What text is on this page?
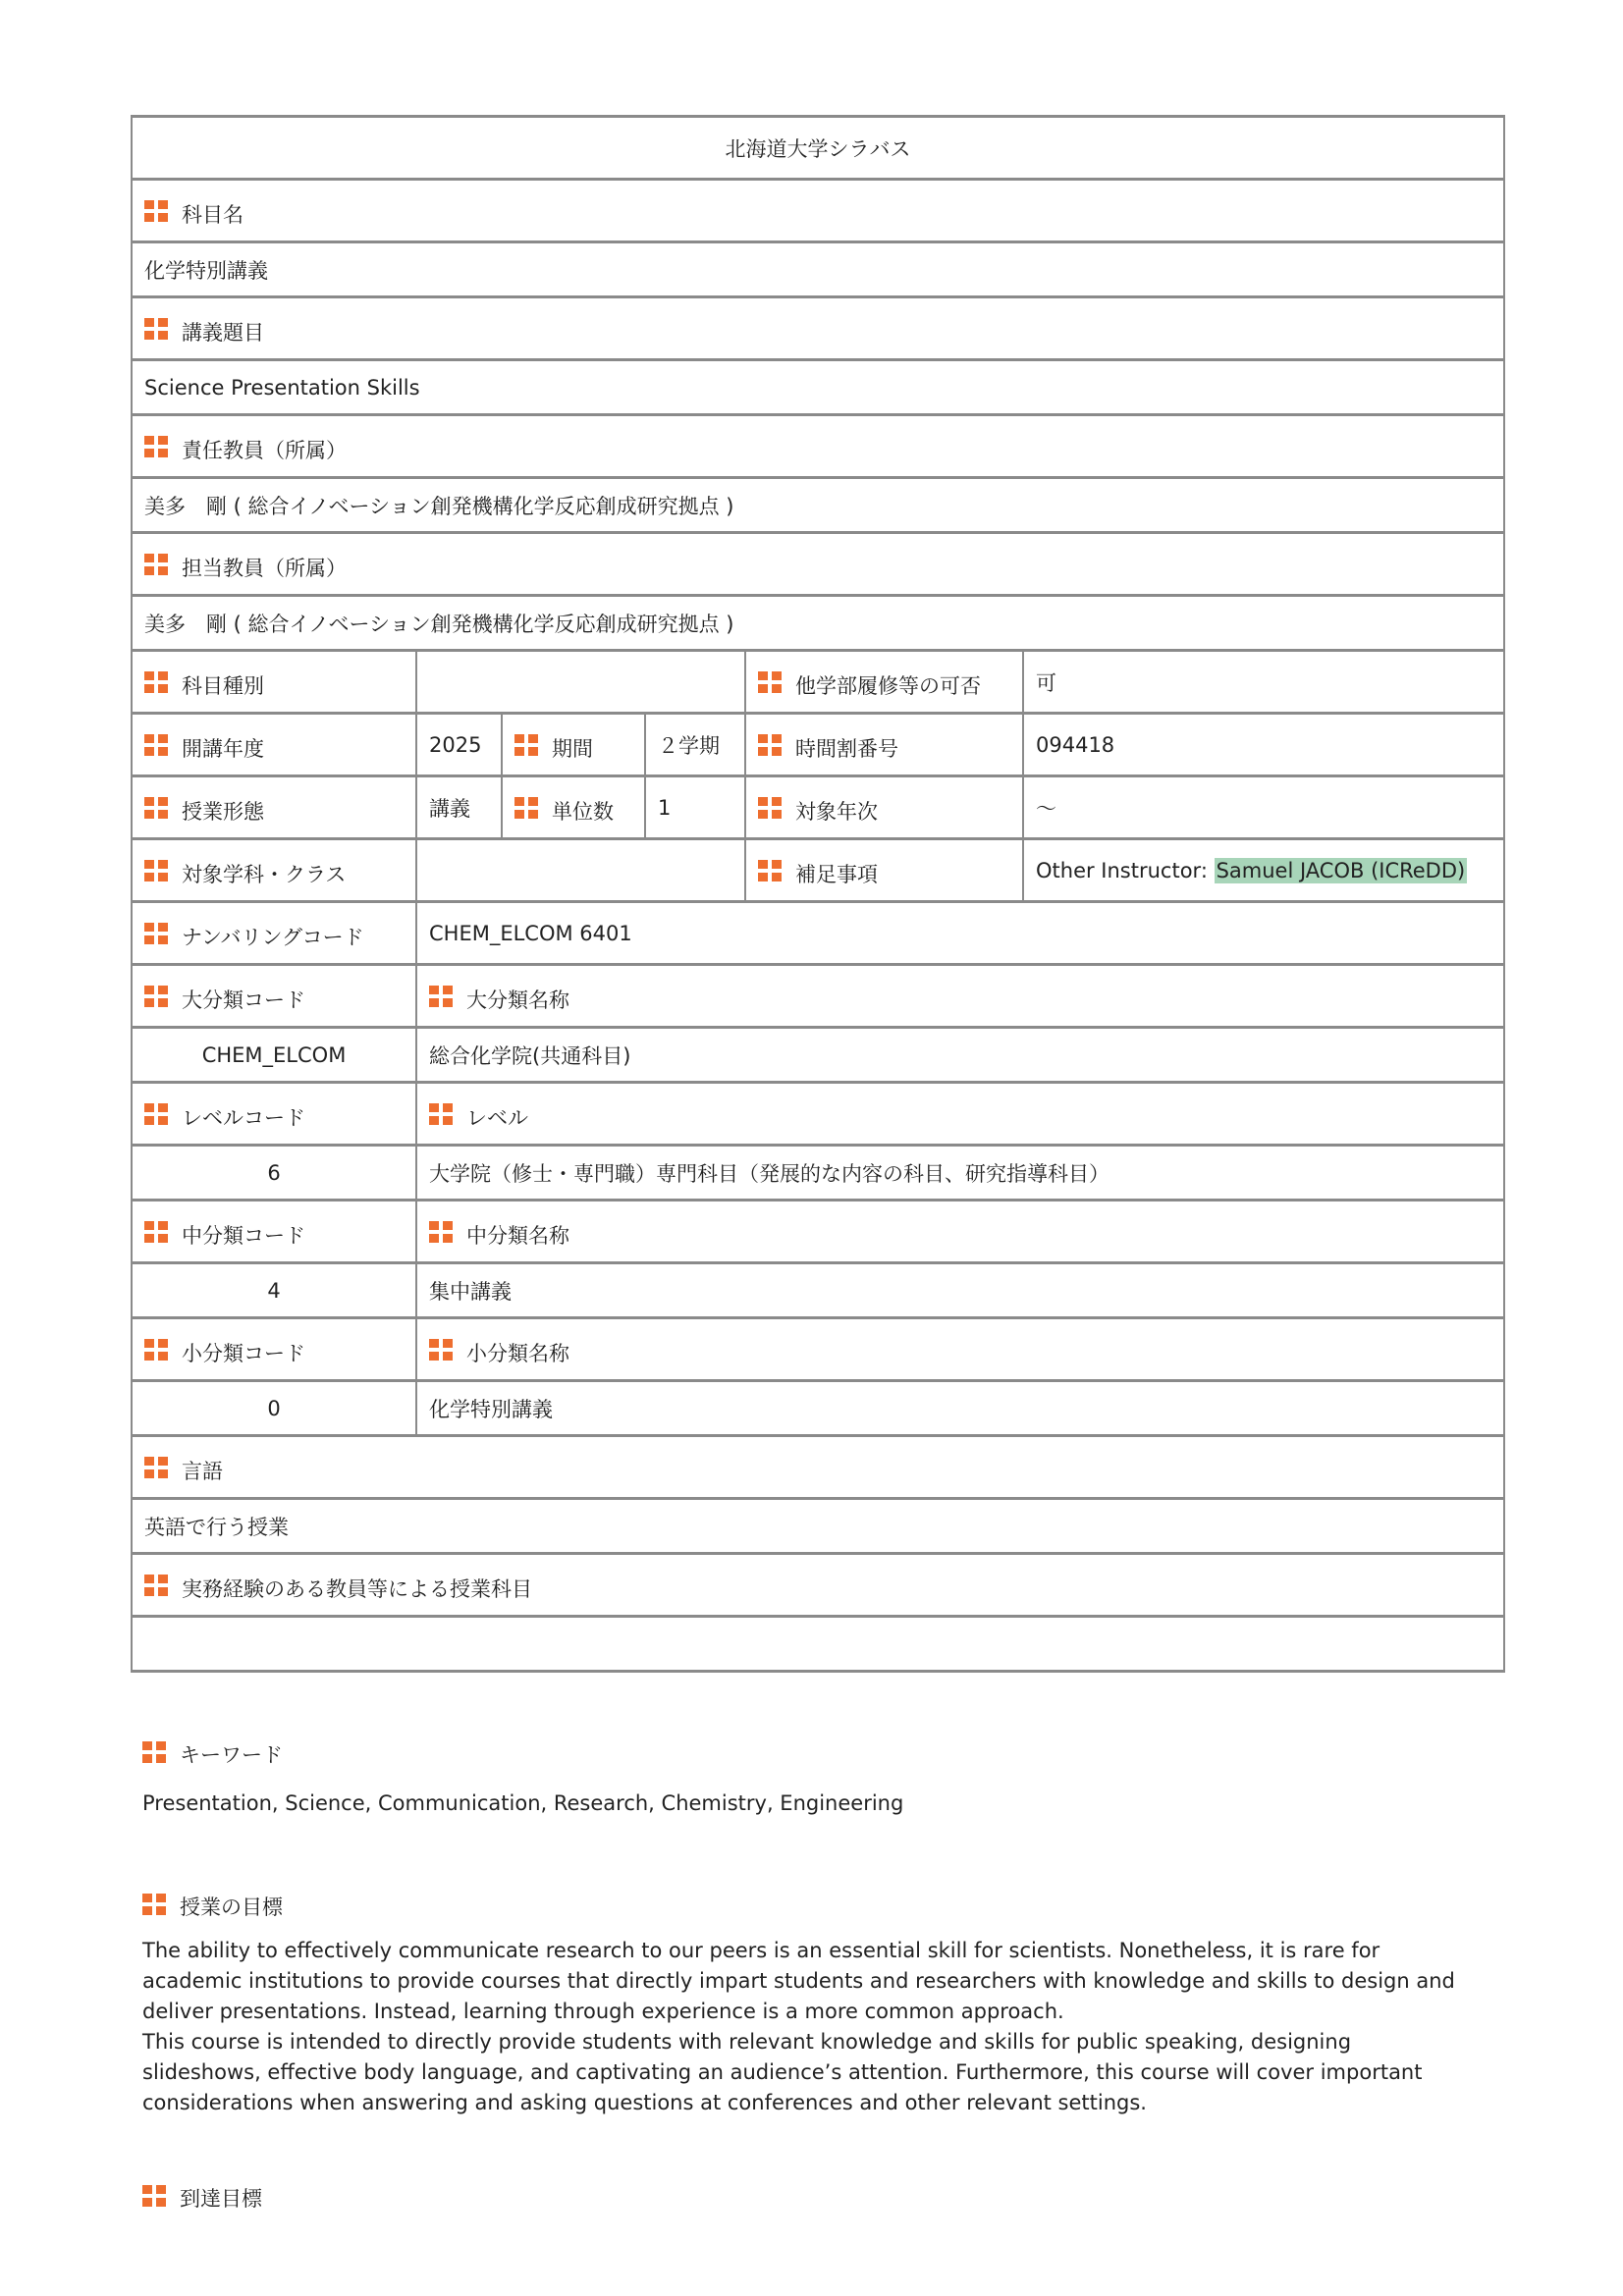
北海道大学シラバス					

科目名					

化学特別講義					

講義題目					

Science Presentation Skills					

責任教員（所属）					

美多　剛 ( 総合イノベーション創発機構化学反応創成研究拠点 )					

担当教員（所属）					

美多　剛 ( 総合イノベーション創発機構化学反応創成研究拠点 )					

科目種別				他学部履修等の可否	可

開講年度	2025	期間	２学期	時間割番号	094418

授業形態	講義	単位数	1	対象年次	～

対象学科・クラス				補足事項	Other Instructor: Samuel JACOB (ICReDD)

ナンバリングコード	CHEM_ELCOM 6401				

大分類コード	大分類名称				

CHEM_ELCOM	総合化学院(共通科目)				

レベルコード	レベル				

6	大学院（修士・専門職）専門科目（発展的な内容の科目、研究指導科目）				

中分類コード	中分類名称				

4	集中講義				

小分類コード	小分類名称				

0	化学特別講義				

言語					

英語で行う授業					

実務経験のある教員等による授業科目					

キーワード
Presentation, Science, Communication, Research, Chemistry, Engineering
授業の目標
The ability to effectively communicate research to our peers is an essential skill for scientists. Nonetheless, it is rare for
academic institutions to provide courses that directly impart students and researchers with knowledge and skills to design and
deliver presentations. Instead, learning through experience is a more common approach.
This course is intended to directly provide students with relevant knowledge and skills for public speaking, designing
slideshows, effective body language, and captivating an audience’s attention. Furthermore, this course will cover important
considerations when answering and asking questions at conferences and other relevant settings.
到達目標
